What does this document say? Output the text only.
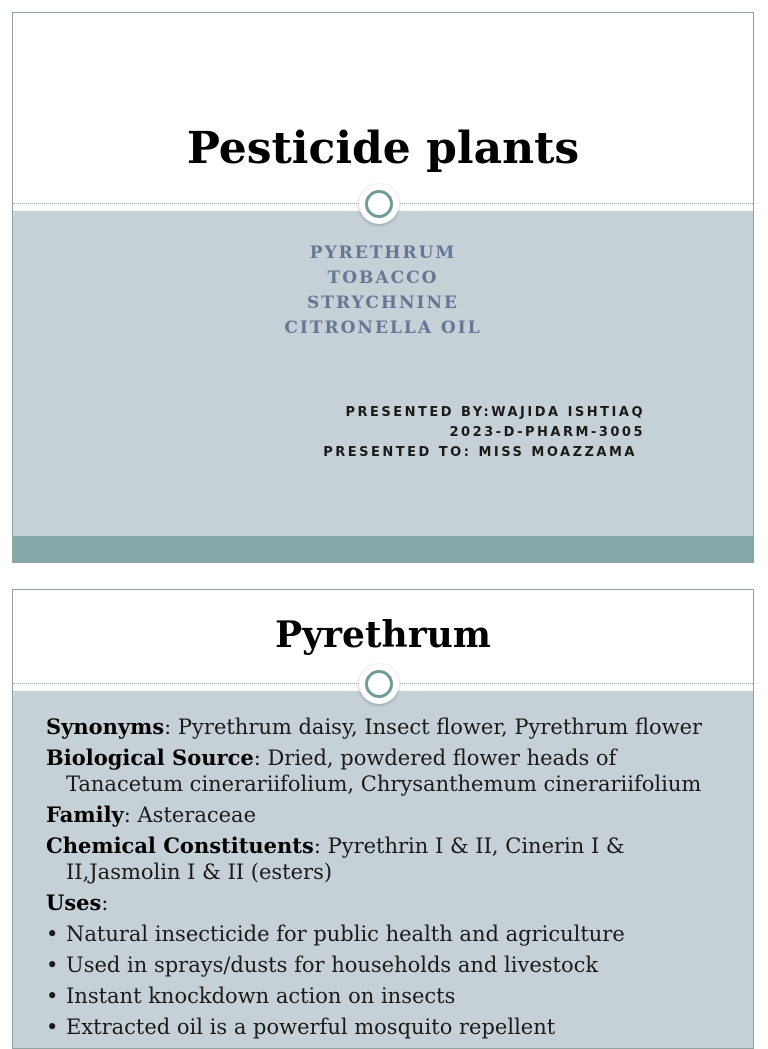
Pesticide plants
PYRETHRUM
TOBACCO
STRYCHNINE
CITRONELLA OIL
PRESENTED BY:WAJIDA ISHTIAQ
2023-D-PHARM-3005
PRESENTED TO: MISS MOAZZAMA
Pyrethrum
Synonyms: Pyrethrum daisy, Insect flower, Pyrethrum flower
Biological Source: Dried, powdered flower heads of
Tanacetum cinerariifolium, Chrysanthemum cinerariifolium
Family: Asteraceae
Chemical Constituents: Pyrethrin I & II, Cinerin I &
II,Jasmolin I & II (esters)
Uses:
• Natural insecticide for public health and agriculture
• Used in sprays/dusts for households and livestock
• Instant knockdown action on insects
• Extracted oil is a powerful mosquito repellent
